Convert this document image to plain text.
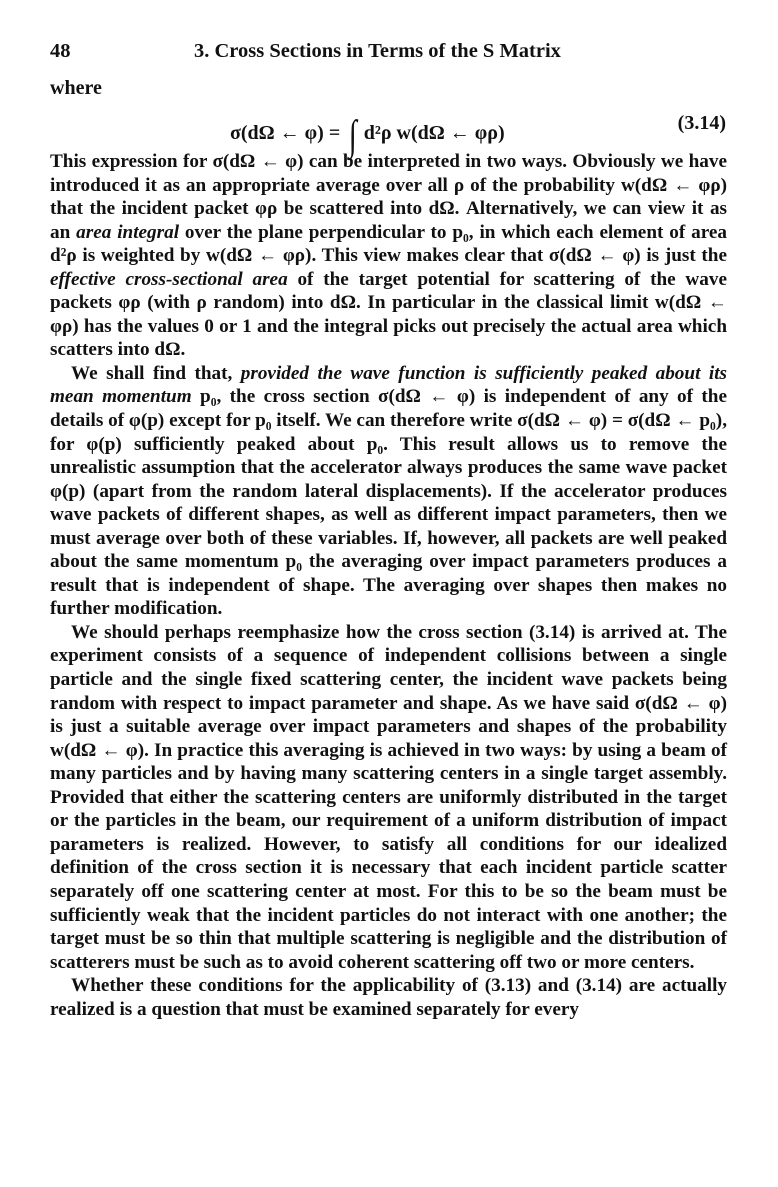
48	3. Cross Sections in Terms of the S Matrix
where
σ(dΩ ← φ) = ∫ d²ρ w(dΩ ← φρ)	(3.14)

This expression for σ(dΩ ← φ) can be interpreted in two ways. Obviously we have introduced it as an appropriate average over all ρ of the probability w(dΩ ← φρ) that the incident packet φρ be scattered into dΩ. Alternatively, we can view it as an area integral over the plane perpendicular to p₀, in which each element of area d²ρ is weighted by w(dΩ ← φρ). This view makes clear that σ(dΩ ← φ) is just the effective cross-sectional area of the target potential for scattering of the wave packets φρ (with ρ random) into dΩ. In particular in the classical limit w(dΩ ← φρ) has the values 0 or 1 and the integral picks out precisely the actual area which scatters into dΩ.

We shall find that, provided the wave function is sufficiently peaked about its mean momentum p₀, the cross section σ(dΩ ← φ) is independent of any of the details of φ(p) except for p₀ itself. We can therefore write σ(dΩ ← φ) = σ(dΩ ← p₀), for φ(p) sufficiently peaked about p₀. This result allows us to remove the unrealistic assumption that the accelerator always produces the same wave packet φ(p) (apart from the random lateral displacements). If the accelerator produces wave packets of different shapes, as well as different impact parameters, then we must average over both of these variables. If, however, all packets are well peaked about the same momentum p₀ the averaging over impact parameters produces a result that is independent of shape. The averaging over shapes then makes no further modification.

We should perhaps reemphasize how the cross section (3.14) is arrived at. The experiment consists of a sequence of independent collisions between a single particle and the single fixed scattering center, the incident wave packets being random with respect to impact parameter and shape. As we have said σ(dΩ ← φ) is just a suitable average over impact parameters and shapes of the probability w(dΩ ← φ). In practice this averaging is achieved in two ways: by using a beam of many particles and by having many scattering centers in a single target assembly. Provided that either the scattering centers are uniformly distributed in the target or the particles in the beam, our requirement of a uniform distribution of impact parameters is realized. However, to satisfy all conditions for our idealized definition of the cross section it is necessary that each incident particle scatter separately off one scattering center at most. For this to be so the beam must be sufficiently weak that the incident particles do not interact with one another; the target must be so thin that multiple scattering is negligible and the distribution of scatterers must be such as to avoid coherent scattering off two or more centers.

Whether these conditions for the applicability of (3.13) and (3.14) are actually realized is a question that must be examined separately for every
